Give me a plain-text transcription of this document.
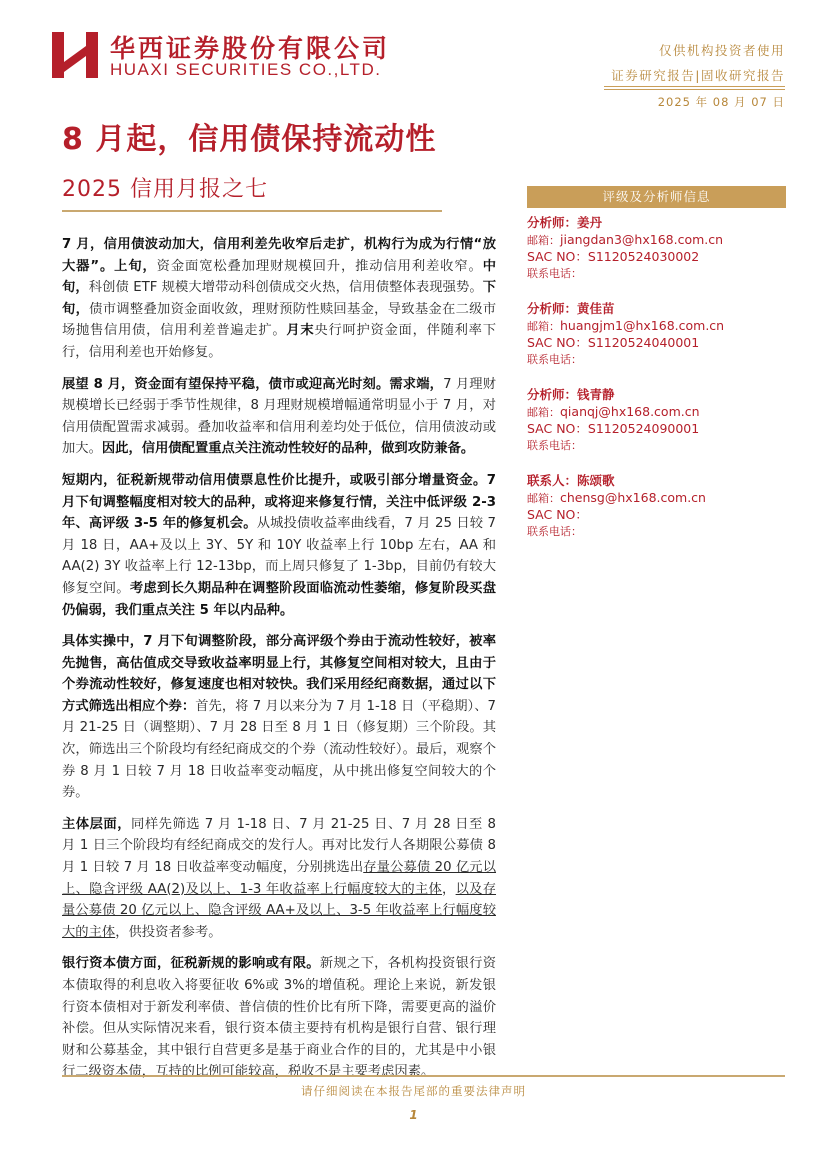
华西证券股份有限公司
HUAXI SECURITIES CO.,LTD.
仅供机构投资者使用
证券研究报告|固收研究报告
2025 年 08 月 07 日
8 月起，信用债保持流动性
2025 信用月报之七

7 月，信用债波动加大，信用利差先收窄后走扩，机构行为成为行情“放大器”。上旬，资金面宽松叠加理财规模回升，推动信用利差收窄。中旬，科创债 ETF 规模大增带动科创债成交火热，信用债整体表现强势。下旬，债市调整叠加资金面收敛，理财预防性赎回基金，导致基金在二级市场抛售信用债，信用利差普遍走扩。月末央行呵护资金面，伴随利率下行，信用利差也开始修复。

展望 8 月，资金面有望保持平稳，债市或迎高光时刻。需求端，7 月理财规模增长已经弱于季节性规律，8 月理财规模增幅通常明显小于 7 月，对信用债配置需求减弱。叠加收益率和信用利差均处于低位，信用债波动或加大。因此，信用债配置重点关注流动性较好的品种，做到攻防兼备。

短期内，征税新规带动信用债票息性价比提升，或吸引部分增量资金。7 月下旬调整幅度相对较大的品种，或将迎来修复行情，关注中低评级 2-3 年、高评级 3-5 年的修复机会。从城投债收益率曲线看，7 月 25 日较 7 月 18 日，AA+及以上 3Y、5Y 和 10Y 收益率上行 10bp 左右，AA 和 AA(2) 3Y 收益率上行 12-13bp，而上周只修复了 1-3bp，目前仍有较大修复空间。考虑到长久期品种在调整阶段面临流动性萎缩，修复阶段买盘仍偏弱，我们重点关注 5 年以内品种。

具体实操中，7 月下旬调整阶段，部分高评级个券由于流动性较好，被率先抛售，高估值成交导致收益率明显上行，其修复空间相对较大，且由于个券流动性较好，修复速度也相对较快。我们采用经纪商数据，通过以下方式筛选出相应个券：首先，将 7 月以来分为 7 月 1-18 日（平稳期）、7 月 21-25 日（调整期）、7 月 28 日至 8 月 1 日（修复期）三个阶段。其次，筛选出三个阶段均有经纪商成交的个券（流动性较好）。最后，观察个券 8 月 1 日较 7 月 18 日收益率变动幅度，从中挑出修复空间较大的个券。

主体层面，同样先筛选 7 月 1-18 日、7 月 21-25 日、7 月 28 日至 8 月 1 日三个阶段均有经纪商成交的发行人。再对比发行人各期限公募债 8 月 1 日较 7 月 18 日收益率变动幅度，分别挑选出存量公募债 20 亿元以上、隐含评级 AA(2)及以上、1-3 年收益率上行幅度较大的主体，以及存量公募债 20 亿元以上、隐含评级 AA+及以上、3-5 年收益率上行幅度较大的主体，供投资者参考。

银行资本债方面，征税新规的影响或有限。新规之下，各机构投资银行资本债取得的利息收入将要征收 6%或 3%的增值税。理论上来说，新发银行资本债相对于新发利率债、普信债的性价比有所下降，需要更高的溢价补偿。但从实际情况来看，银行资本债主要持有机构是银行自营、银行理财和公募基金，其中银行自营更多是基于商业合作的目的，尤其是中小银行二级资本债，互持的比例可能较高，税收不是主要考虑因素。

评级及分析师信息
分析师：姜丹
邮箱：jiangdan3@hx168.com.cn
SAC NO：S1120524030002
联系电话：
分析师：黄佳苗
邮箱：huangjm1@hx168.com.cn
SAC NO：S1120524040001
联系电话：
分析师：钱青静
邮箱：qianqj@hx168.com.cn
SAC NO：S1120524090001
联系电话：
联系人：陈颂歌
邮箱：chensg@hx168.com.cn
SAC NO：
联系电话：
请仔细阅读在本报告尾部的重要法律声明
1
